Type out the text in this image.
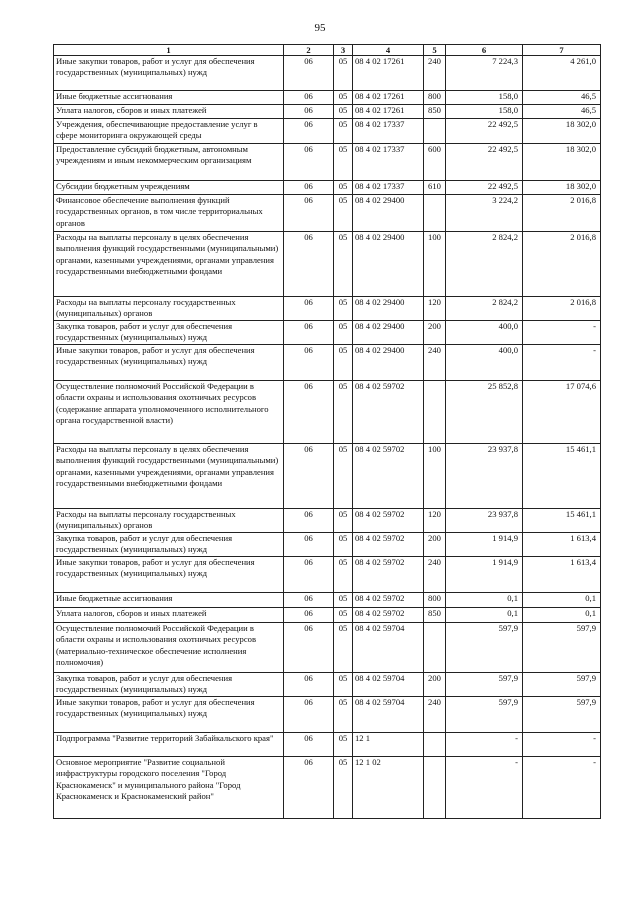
95
1	2	3	4	5	6	7
Иные закупки товаров, работ и услуг для обеспечения государственных (муниципальных) нужд	06	05	08 4 02 17261	240	7 224,3	4 261,0
Иные бюджетные ассигнования	06	05	08 4 02 17261	800	158,0	46,5
Уплата налогов, сборов и иных платежей	06	05	08 4 02 17261	850	158,0	46,5
Учреждения, обеспечивающие предоставление услуг в сфере мониторинга окружающей среды	06	05	08 4 02 17337		22 492,5	18 302,0
Предоставление субсидий бюджетным, автономным учреждениям и иным некоммерческим организациям	06	05	08 4 02 17337	600	22 492,5	18 302,0
Субсидии бюджетным учреждениям	06	05	08 4 02 17337	610	22 492,5	18 302,0
Финансовое обеспечение выполнения функций государственных органов, в том числе территориальных органов	06	05	08 4 02 29400		3 224,2	2 016,8
Расходы на выплаты персоналу в целях обеспечения выполнения функций государственными (муниципальными) органами, казенными учреждениями, органами управления государственными внебюджетными фондами	06	05	08 4 02 29400	100	2 824,2	2 016,8
Расходы на выплаты персоналу государственных (муниципальных) органов	06	05	08 4 02 29400	120	2 824,2	2 016,8
Закупка товаров, работ и услуг для обеспечения государственных (муниципальных) нужд	06	05	08 4 02 29400	200	400,0	-
Иные закупки товаров, работ и услуг для обеспечения государственных (муниципальных) нужд	06	05	08 4 02 29400	240	400,0	-
Осуществление полномочий Российской Федерации в области охраны и использования охотничьих ресурсов (содержание аппарата уполномоченного исполнительного органа государственной власти)	06	05	08 4 02 59702		25 852,8	17 074,6
Расходы на выплаты персоналу в целях обеспечения выполнения функций государственными (муниципальными) органами, казенными учреждениями, органами управления государственными внебюджетными фондами	06	05	08 4 02 59702	100	23 937,8	15 461,1
Расходы на выплаты персоналу государственных (муниципальных) органов	06	05	08 4 02 59702	120	23 937,8	15 461,1
Закупка товаров, работ и услуг для обеспечения государственных (муниципальных) нужд	06	05	08 4 02 59702	200	1 914,9	1 613,4
Иные закупки товаров, работ и услуг для обеспечения государственных (муниципальных) нужд	06	05	08 4 02 59702	240	1 914,9	1 613,4
Иные бюджетные ассигнования	06	05	08 4 02 59702	800	0,1	0,1
Уплата налогов, сборов и иных платежей	06	05	08 4 02 59702	850	0,1	0,1
Осуществление полномочий Российской Федерации в области охраны и использования охотничьих ресурсов (материально-техническое обеспечение исполнения полномочия)	06	05	08 4 02 59704		597,9	597,9
Закупка товаров, работ и услуг для обеспечения государственных (муниципальных) нужд	06	05	08 4 02 59704	200	597,9	597,9
Иные закупки товаров, работ и услуг для обеспечения государственных (муниципальных) нужд	06	05	08 4 02 59704	240	597,9	597,9
Подпрограмма "Развитие территорий Забайкальского края"	06	05	12 1		-	-
Основное мероприятие "Развитие социальной инфраструктуры городского поселения "Город Краснокаменск" и муниципального района "Город Краснокаменск и Краснокаменский район"	06	05	12 1 02		-	-
